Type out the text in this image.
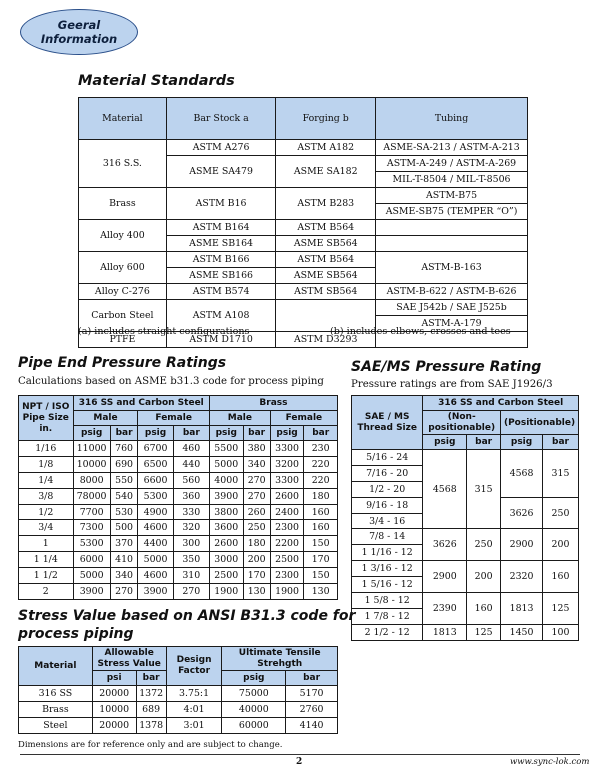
Geeral
Information
Material Standards
Material	Bar Stock a	Forging b	Tubing
316 S.S.	ASTM A276	ASTM A182	ASME-SA-213 / ASTM-A-213
	ASME SA479	ASME SA182	ASTM-A-249 / ASTM-A-269
			MIL-T-8504 / MIL-T-8506
Brass	ASTM B16	ASTM B283	ASTM-B75
			ASME-SB75 (TEMPER “O”)
Alloy 400	ASTM B164	ASTM B564	
	ASME SB164	ASME SB564	
Alloy 600	ASTM B166	ASTM B564	ASTM-B-163
	ASME SB166	ASME SB564	
Alloy C-276	ASTM B574	ASTM SB564	ASTM-B-622 / ASTM-B-626
Carbon Steel	ASTM A108		SAE J542b / SAE J525b
			ASTM-A-179
PTFE	ASTM D1710	ASTM D3293	
(a) includes straight configurations	(b) includes elbows, crosses and tees
Pipe End Pressure Ratings
Calculations based on ASME b31.3 code for process piping
NPT / ISO Pipe Size in.	316 SS and Carbon Steel				Brass			
	Male		Female		Male		Female	
	psig	bar	psig	bar	psig	bar	psig	bar
1/16	11000	760	6700	460	5500	380	3300	230
1/8	10000	690	6500	440	5000	340	3200	220
1/4	8000	550	6600	560	4000	270	3300	220
3/8	78000	540	5300	360	3900	270	2600	180
1/2	7700	530	4900	330	3800	260	2400	160
3/4	7300	500	4600	320	3600	250	2300	160
1	5300	370	4400	300	2600	180	2200	150
1 1/4	6000	410	5000	350	3000	200	2500	170
1 1/2	5000	340	4600	310	2500	170	2300	150
2	3900	270	3900	270	1900	130	1900	130
SAE/MS Pressure Rating
Pressure ratings are from SAE J1926/3
SAE / MS Thread Size	316 SS and Carbon Steel			
	(Non-positionable)		(Positionable)	
	psig	bar	psig	bar
5/16 - 24	4568	315	4568	315
7/16 - 20				
1/2 - 20				
9/16 - 18			3626	250
3/4 - 16				
7/8 - 14	3626	250	2900	200
1 1/16 - 12				
1 3/16 - 12	2900	200	2320	160
1 5/16 - 12				
1 5/8 - 12	2390	160	1813	125
1 7/8 - 12				
2 1/2 - 12	1813	125	1450	100
Stress Value based on ANSI B31.3 code for
process piping
Material	Allowable Stress Value		Design Factor	Ultimate Tensile Strehgth	
	psi	bar		psig	bar
316 SS	20000	1372	3.75:1	75000	5170
Brass	10000	689	4:01	40000	2760
Steel	20000	1378	3:01	60000	4140
Dimensions are for reference only and are subject to change.
2	www.sync-lok.com
